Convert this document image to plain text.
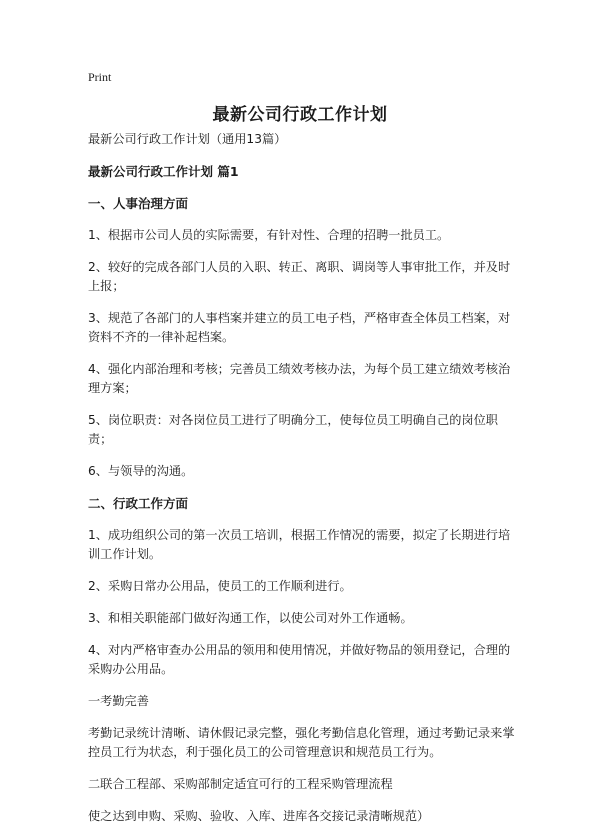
Print
最新公司行政工作计划

最新公司行政工作计划（通用13篇）

最新公司行政工作计划 篇1

一、人事治理方面

1、根据市公司人员的实际需要，有针对性、合理的招聘一批员工。

2、较好的完成各部门人员的入职、转正、离职、调岗等人事审批工作，并及时上报；

3、规范了各部门的人事档案并建立的员工电子档，严格审查全体员工档案，对资料不齐的一律补起档案。

4、强化内部治理和考核；完善员工绩效考核办法，为每个员工建立绩效考核治理方案；

5、岗位职责：对各岗位员工进行了明确分工，使每位员工明确自己的岗位职责；

6、与领导的沟通。

二、行政工作方面

1、成功组织公司的第一次员工培训，根据工作情况的需要，拟定了长期进行培训工作计划。

2、采购日常办公用品，使员工的工作顺利进行。

3、和相关职能部门做好沟通工作，以使公司对外工作通畅。

4、对内严格审查办公用品的领用和使用情况，并做好物品的领用登记，合理的采购办公用品。

一考勤完善

考勤记录统计清晰、请休假记录完整，强化考勤信息化管理，通过考勤记录来掌控员工行为状态，利于强化员工的公司管理意识和规范员工行为。

二联合工程部、采购部制定适宜可行的工程采购管理流程

使之达到申购、采购、验收、入库、进库各交接记录清晰规范）
